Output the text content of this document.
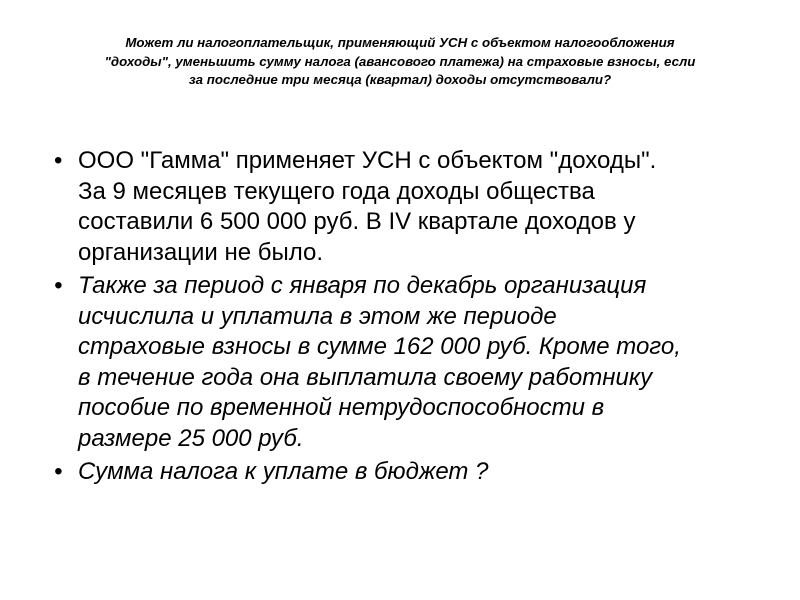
Может ли налогоплательщик, применяющий УСН с объектом налогообложения
"доходы", уменьшить сумму налога (авансового платежа) на страховые взносы, если
за последние три месяца (квартал) доходы отсутствовали?
• ООО "Гамма" применяет УСН с объектом "доходы".
За 9 месяцев текущего года доходы общества
составили 6 500 000 руб. В IV квартале доходов у
организации не было.
• Также за период с января по декабрь организация
исчислила и уплатила в этом же периоде
страховые взносы в сумме 162 000 руб. Кроме того,
в течение года она выплатила своему работнику
пособие по временной нетрудоспособности в
размере 25 000 руб.
• Сумма налога к уплате в бюджет ?
